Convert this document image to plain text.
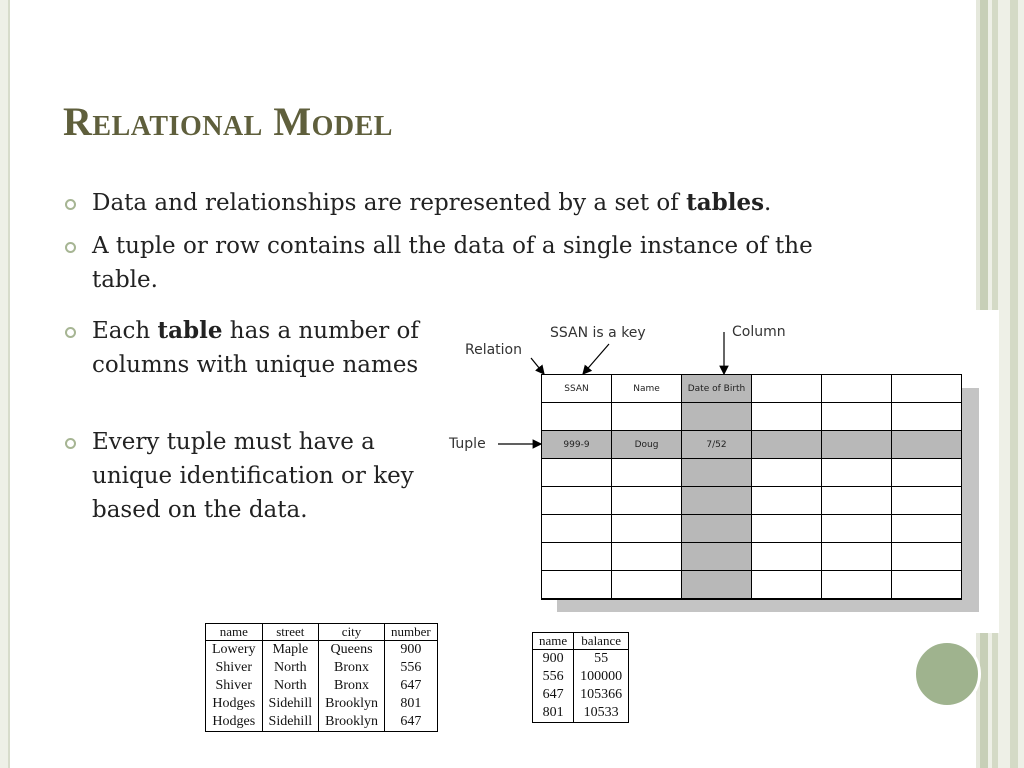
Relational Model
Data and relationships are represented by a set of tables.
A tuple or row contains all the data of a single instance of the table.
Each table has a number of columns with unique names
Every tuple must have a unique identification or key based on the data.
Relation
SSAN is a key	Column
Tuple
SSAN	Name	Date of Birth			

999-9	Doug	7/52			

name	street	city	number
Lowery	Maple	Queens	900
Shiver	North	Bronx	556
Shiver	North	Bronx	647
Hodges	Sidehill	Brooklyn	801
Hodges	Sidehill	Brooklyn	647
name	balance
900	55
556	100000
647	105366
801	10533
